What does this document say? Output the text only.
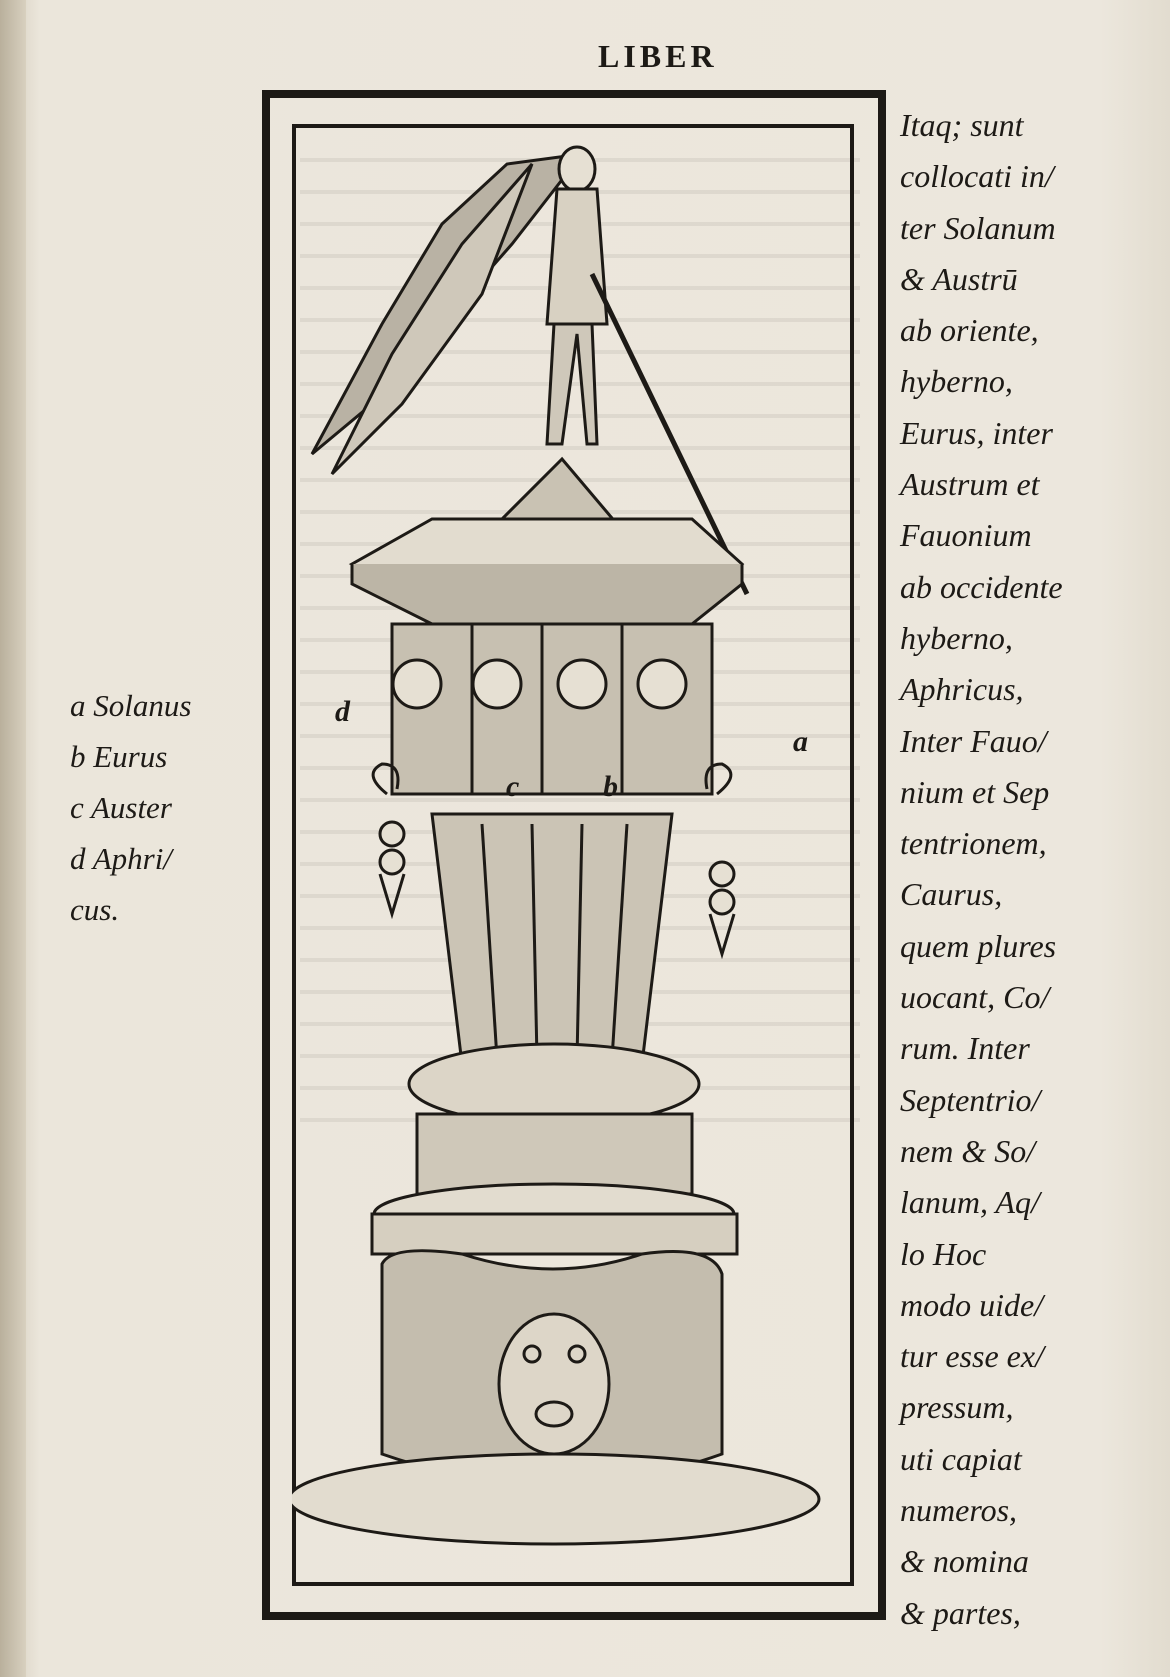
LIBER
d
c	b
a
a Solanus
b Eurus
c Auster
d Aphri/
cus.
Itaq; sunt
collocati in/
ter Solanum
& Austrū
ab oriente,
hyberno,
Eurus, inter
Austrum et
Fauonium
ab occidente
hyberno,
Aphricus,
Inter Fauo/
nium et Sep
tentrionem,
Caurus,
quem plures
uocant, Co/
rum. Inter
Septentrio/
nem & So/
lanum, Aq/
lo Hoc
modo uide/
tur esse ex/
pressum,
uti capiat
numeros,
& nomina
& partes,
